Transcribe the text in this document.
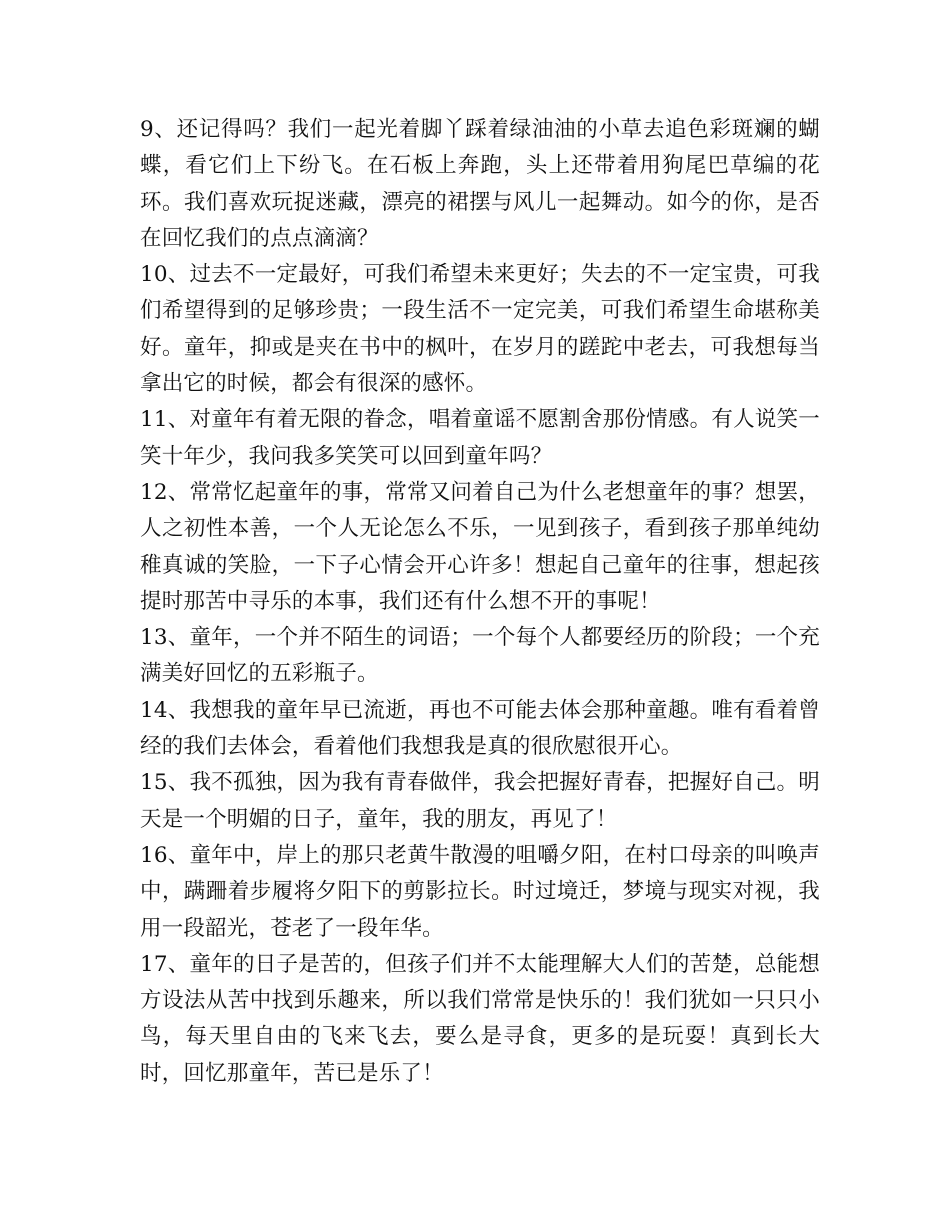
9、还记得吗？我们一起光着脚丫踩着绿油油的小草去追色彩斑斓的蝴蝶，看它们上下纷飞。在石板上奔跑，头上还带着用狗尾巴草编的花环。我们喜欢玩捉迷藏，漂亮的裙摆与风儿一起舞动。如今的你，是否在回忆我们的点点滴滴？

10、过去不一定最好，可我们希望未来更好；失去的不一定宝贵，可我们希望得到的足够珍贵；一段生活不一定完美，可我们希望生命堪称美好。童年，抑或是夹在书中的枫叶，在岁月的蹉跎中老去，可我想每当拿出它的时候，都会有很深的感怀。

11、对童年有着无限的眷念，唱着童谣不愿割舍那份情感。有人说笑一笑十年少，我问我多笑笑可以回到童年吗？

12、常常忆起童年的事，常常又问着自己为什么老想童年的事？想罢，人之初性本善，一个人无论怎么不乐，一见到孩子，看到孩子那单纯幼稚真诚的笑脸，一下子心情会开心许多！想起自己童年的往事，想起孩提时那苦中寻乐的本事，我们还有什么想不开的事呢！

13、童年，一个并不陌生的词语；一个每个人都要经历的阶段；一个充满美好回忆的五彩瓶子。

14、我想我的童年早已流逝，再也不可能去体会那种童趣。唯有看着曾经的我们去体会，看着他们我想我是真的很欣慰很开心。

15、我不孤独，因为我有青春做伴，我会把握好青春，把握好自己。明天是一个明媚的日子，童年，我的朋友，再见了！

16、童年中，岸上的那只老黄牛散漫的咀嚼夕阳，在村口母亲的叫唤声中，蹒跚着步履将夕阳下的剪影拉长。时过境迁，梦境与现实对视，我用一段韶光，苍老了一段年华。

17、童年的日子是苦的，但孩子们并不太能理解大人们的苦楚，总能想方设法从苦中找到乐趣来，所以我们常常是快乐的！我们犹如一只只小鸟，每天里自由的飞来飞去，要么是寻食，更多的是玩耍！真到长大时，回忆那童年，苦已是乐了！
